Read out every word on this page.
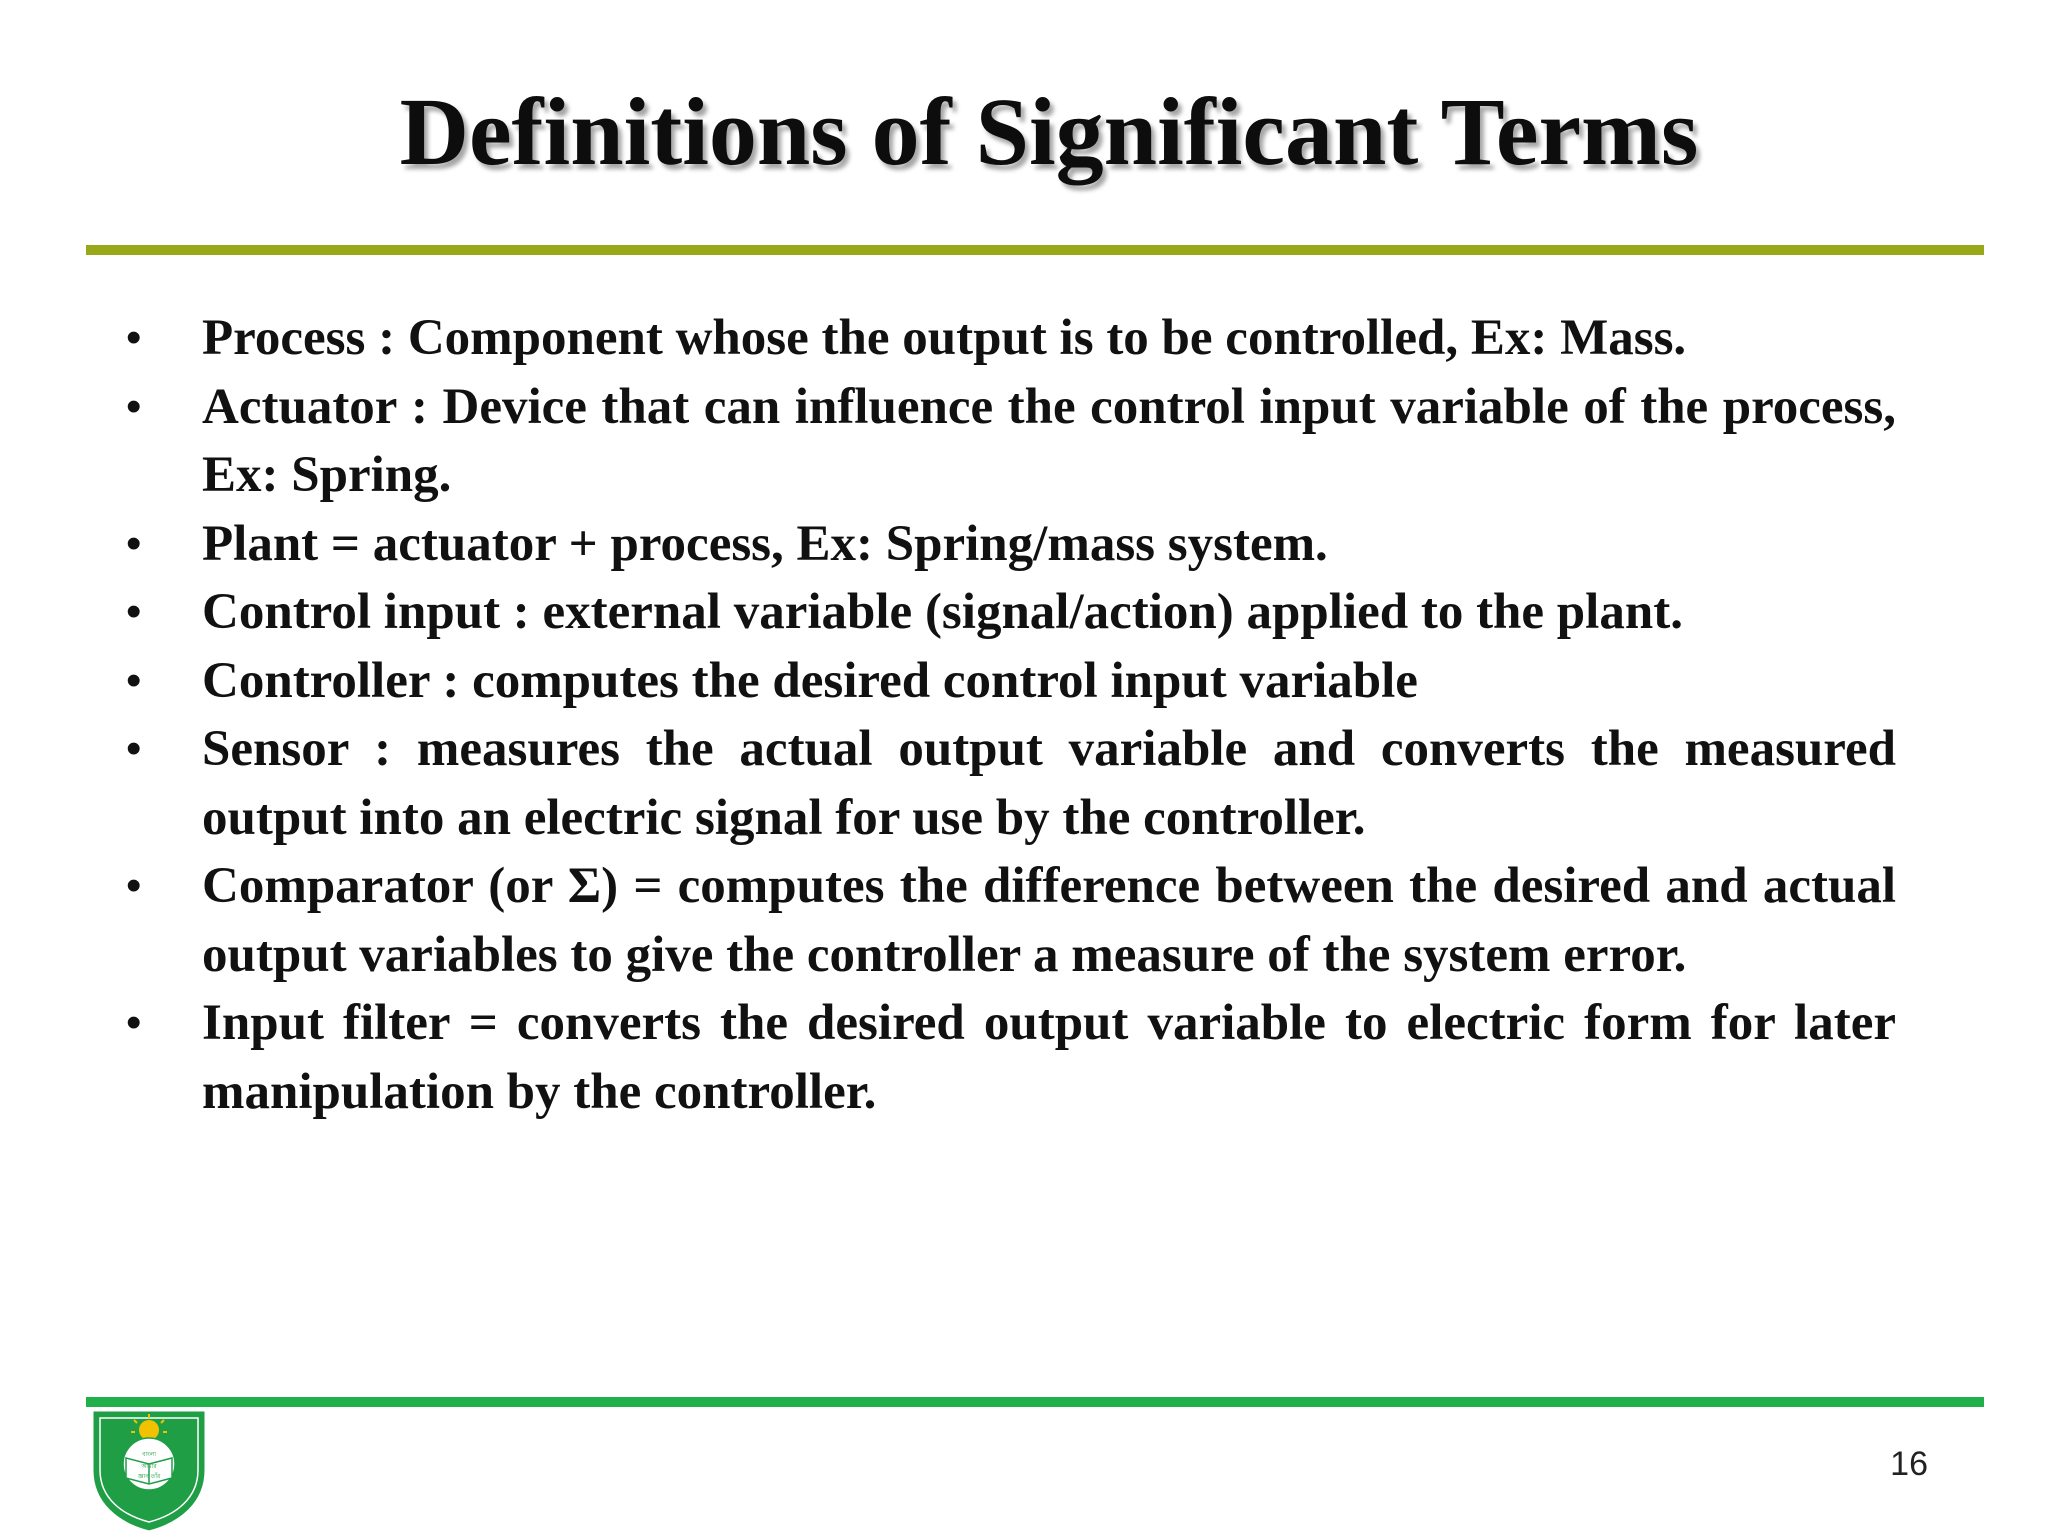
Definitions of Significant Terms
• Process : Component whose the output is to be controlled, Ex: Mass.
• Actuator : Device that can influence the control input variable of the process, Ex: Spring.
• Plant = actuator + process, Ex: Spring/mass system.
• Control input : external variable (signal/action) applied to the plant.
• Controller : computes the desired control input variable
• Sensor : measures the actual output variable and converts the measured output into an electric signal for use by the controller.
• Comparator (or Σ) = computes the difference between the desired and actual output variables to give the controller a measure of the system error.
• Input filter = converts the desired output variable to electric form for later manipulation by the controller.
বাংলা
আমার
জ্ঞান তাঁর	16
